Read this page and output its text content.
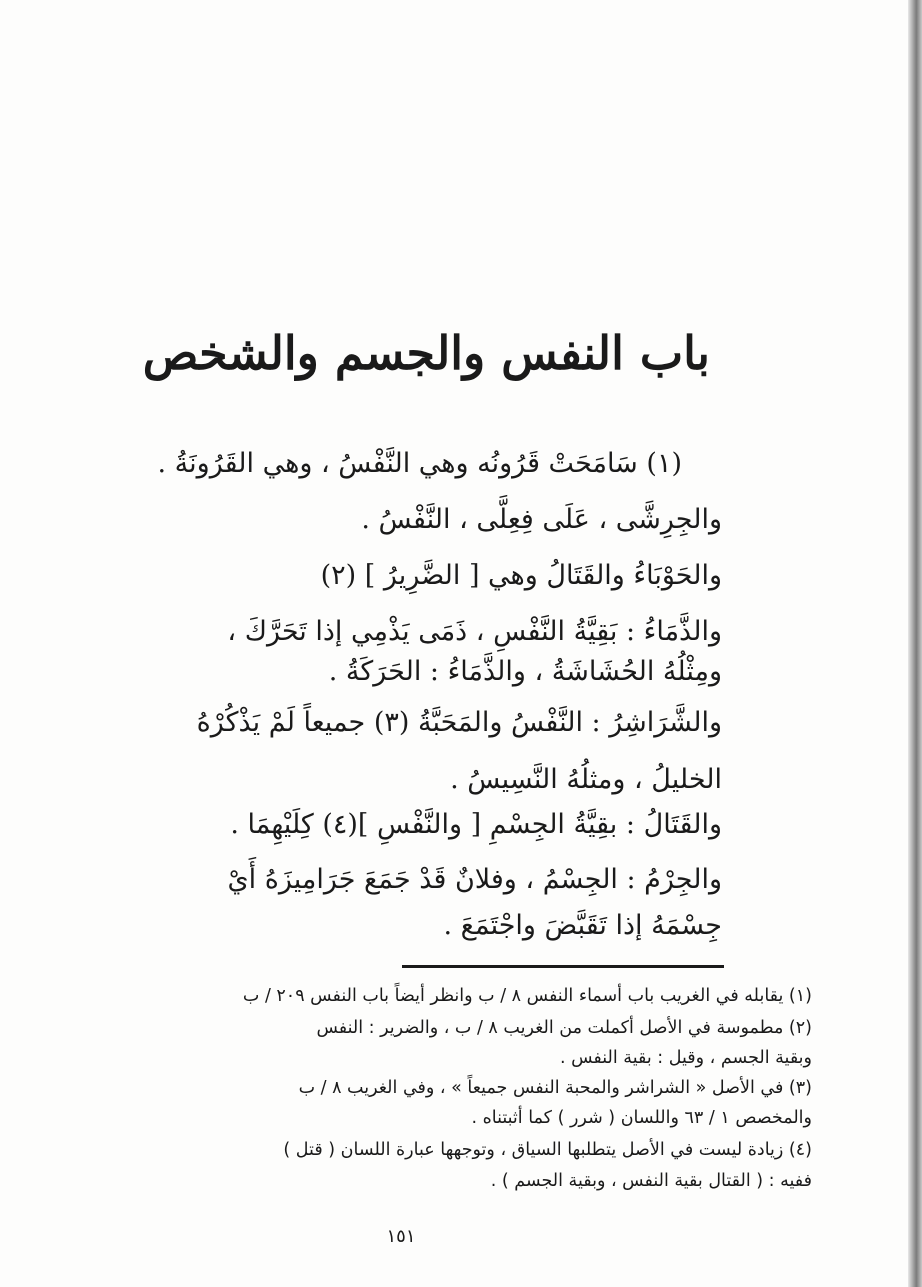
باب النفس والجسم والشخص
(١) سَامَحَتْ قَرُونُه وهي النَّفْسُ ، وهي القَرُونَةُ .
والجِرِشَّى ، عَلَى فِعِلَّى ، النَّفْسُ .
والحَوْبَاءُ والقَتَالُ وهي [ الضَّرِيرُ ] (٢)
والذَّمَاءُ : بَقِيَّةُ النَّفْسِ ، ذَمَى يَذْمِي إذا تَحَرَّكَ ،
ومِثْلُهُ الحُشَاشَةُ ، والذَّمَاءُ : الحَرَكَةُ .
والشَّرَاشِرُ : النَّفْسُ والمَحَبَّةُ (٣) جميعاً لَمْ يَذْكُرْهُ
الخليلُ ، ومثلُهُ النَّسِيسُ .
والقَتَالُ : بقِيَّةُ الجِسْمِ [ والنَّفْسِ ](٤) كِلَيْهِمَا .
والجِرْمُ : الجِسْمُ ، وفلانٌ قَدْ جَمَعَ جَرَامِيزَهُ أَيْ
جِسْمَهُ إذا تَقَبَّضَ واجْتَمَعَ .
(١) يقابله في الغريب باب أسماء النفس ٨ / ب وانظر أيضاً باب النفس ٢٠٩ / ب
(٢) مطموسة في الأصل أكملت من الغريب ٨ / ب ، والضرير : النفس
وبقية الجسم ، وقيل : بقية النفس .
(٣) في الأصل « الشراشر والمحبة النفس جميعاً » ، وفي الغريب ٨ / ب
والمخصص ١ / ٦٣ واللسان ( شرر ) كما أثبتناه .
(٤) زيادة ليست في الأصل يتطلبها السياق ، وتوجهها عبارة اللسان ( قتل )
ففيه : ( القتال بقية النفس ، وبقية الجسم ) .
١٥١
